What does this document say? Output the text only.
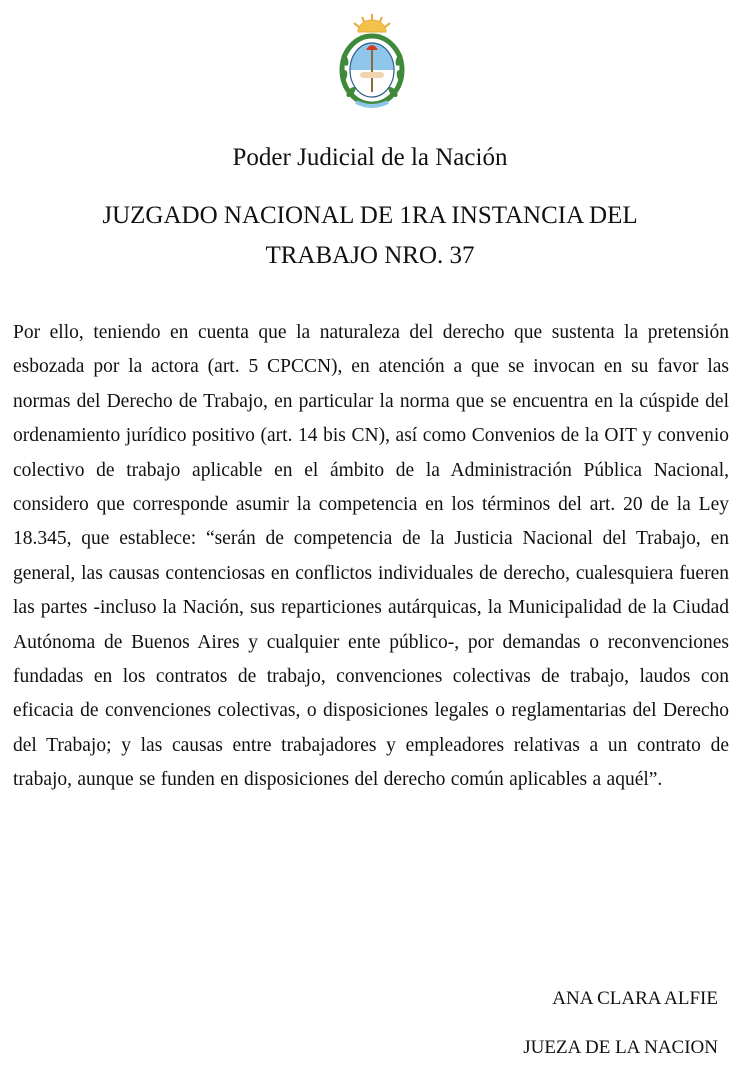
Poder Judicial de la Nación
JUZGADO NACIONAL DE 1RA INSTANCIA DEL
TRABAJO NRO. 37

Por ello, teniendo en cuenta que la naturaleza del derecho que sustenta la pretensión esbozada por la actora (art. 5 CPCCN), en atención a que se invocan en su favor las normas del Derecho de Trabajo, en particular la norma que se encuentra en la cúspide del ordenamiento jurídico positivo (art. 14 bis CN), así como Convenios de la OIT y convenio colectivo de trabajo aplicable en el ámbito de la Administración Pública Nacional, considero que corresponde asumir la competencia en los términos del art. 20 de la Ley 18.345, que establece: “serán de competencia de la Justicia Nacional del Trabajo, en general, las causas contenciosas en conflictos individuales de derecho, cualesquiera fueren las partes -incluso la Nación, sus reparticiones autárquicas, la Municipalidad de la Ciudad Autónoma de Buenos Aires y cualquier ente público-, por demandas o reconvenciones fundadas en los contratos de trabajo, convenciones colectivas de trabajo, laudos con eficacia de convenciones colectivas, o disposiciones legales o reglamentarias del Derecho del Trabajo; y las causas entre trabajadores y empleadores relativas a un contrato de trabajo, aunque se funden en disposiciones del derecho común aplicables a aquél”.

ANA CLARA ALFIE
JUEZA DE LA NACION
